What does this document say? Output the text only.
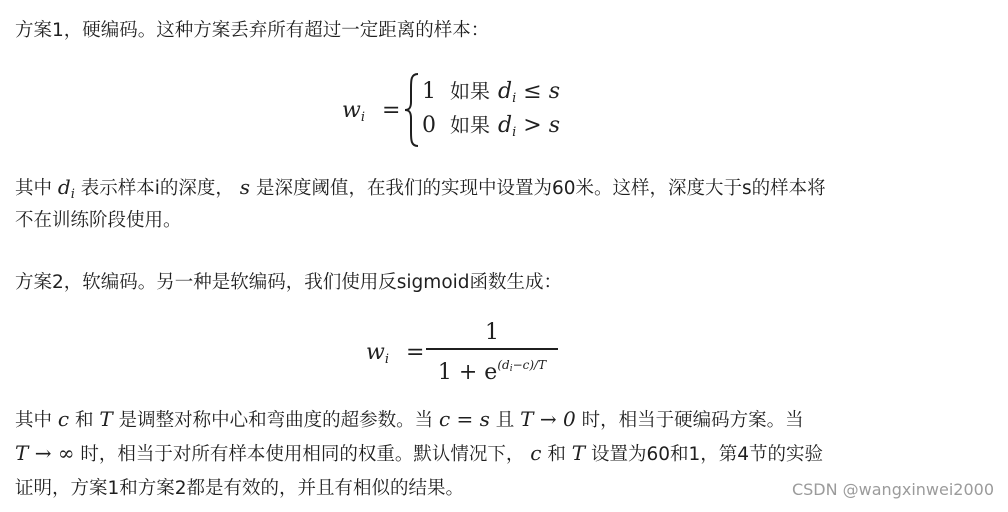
方案1，硬编码。这种方案丢弃所有超过一定距离的样本：

$w_i$ =
1 如果 $d_i \le s$
0 如果 $d_i > s$

其中 $d_i$ 表示样本i的深度， s 是深度阈值，在我们的实现中设置为60米。这样，深度大于s的样本将

不在训练阶段使用。

方案2，软编码。另一种是软编码，我们使用反sigmoid函数生成：

$w_i$ =
1
$1 + e^{(di-c)/T}$

其中 c 和 T 是调整对称中心和弯曲度的超参数。当 c = s 且 T → 0 时，相当于硬编码方案。当

T → ∞ 时，相当于对所有样本使用相同的权重。默认情况下， c 和 T 设置为60和1，第4节的实验

证明，方案1和方案2都是有效的，并且有相似的结果。	CSDN @wangxinwei2000
